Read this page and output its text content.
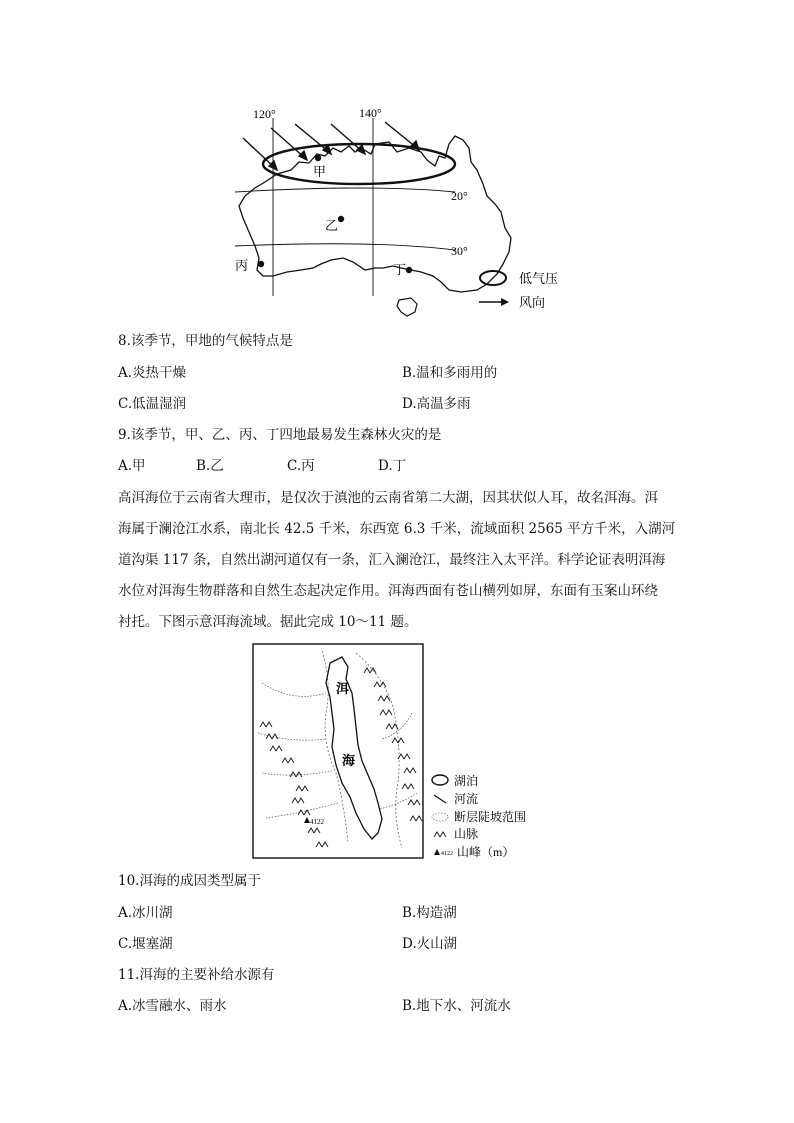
120°	140°
20°
30°
甲
乙
丙	丁
低气压
风向
8.该季节，甲地的气候特点是
A.炎热干燥	B.温和多雨用的
C.低温湿润	D.高温多雨
9.该季节，甲、乙、丙、丁四地最易发生森林火灾的是
A.甲	B.乙	C.丙	D.丁
高洱海位于云南省大理市，是仅次于滇池的云南省第二大湖，因其状似人耳，故名洱海。洱
海属于澜沧江水系，南北长 42.5 千米，东西宽 6.3 千米，流域面积 2565 平方千米，入湖河
道沟渠 117 条，自然出湖河道仅有一条，汇入澜沧江，最终注入太平洋。科学论证表明洱海
水位对洱海生物群落和自然生态起决定作用。洱海西面有苍山横列如屏，东面有玉案山环绕
衬托。下图示意洱海流域。据此完成 10～11 题。
洱
海
4122
湖泊
河流
断层陡坡范围
山脉
4122 山峰（m）
10.洱海的成因类型属于
A.冰川湖	B.构造湖
C.堰塞湖	D.火山湖
11.洱海的主要补给水源有
A.冰雪融水、雨水	B.地下水、河流水
